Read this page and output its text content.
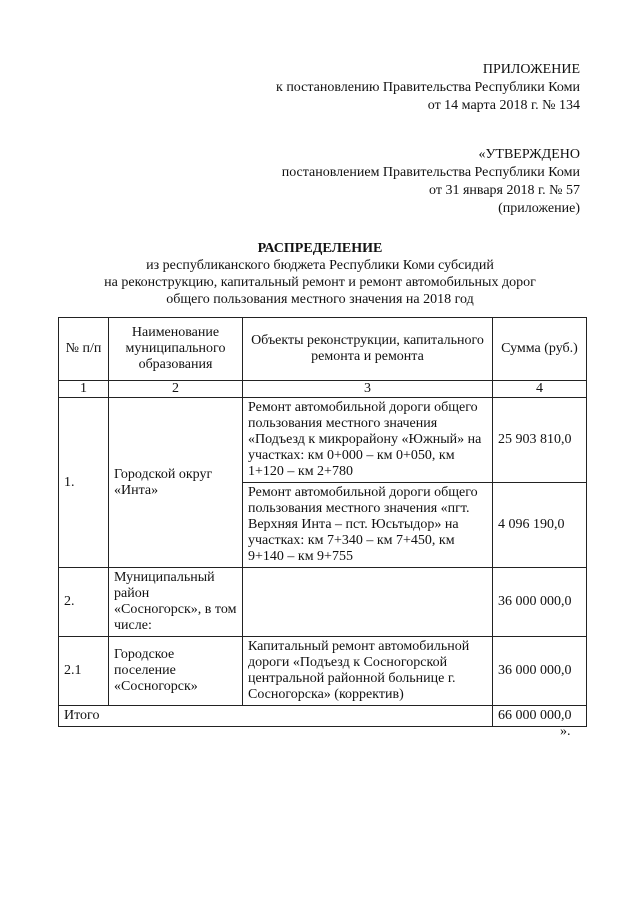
ПРИЛОЖЕНИЕ
к постановлению Правительства Республики Коми
от 14 марта 2018 г. № 134
«УТВЕРЖДЕНО
постановлением Правительства Республики Коми
от 31 января 2018 г. № 57
(приложение)
РАСПРЕДЕЛЕНИЕ
из республиканского бюджета Республики Коми субсидий
на реконструкцию, капитальный ремонт и ремонт автомобильных дорог
общего пользования местного значения на 2018 год
№ п/п	Наименование муниципального образования	Объекты реконструкции, капитального ремонта и ремонта	Сумма (руб.)
1	2	3	4
1.	Городской округ «Инта»	Ремонт автомобильной дороги общего пользования местного значения «Подъезд к микрорайону «Южный» на участках: км 0+000 – км 0+050, км 1+120 – км 2+780	25 903 810,0
		Ремонт автомобильной дороги общего пользования местного значения «пгт. Верхняя Инта – пст. Юсьтыдор» на участках: км 7+340 – км 7+450, км 9+140 – км 9+755	4 096 190,0
2.	Муниципальный район «Сосногорск», в том числе:		36 000 000,0
2.1	Городское поселение «Сосногорск»	Капитальный ремонт автомобильной дороги «Подъезд к Сосногорской центральной районной больнице г. Сосногорска» (корректив)	36 000 000,0
Итого			66 000 000,0
».
